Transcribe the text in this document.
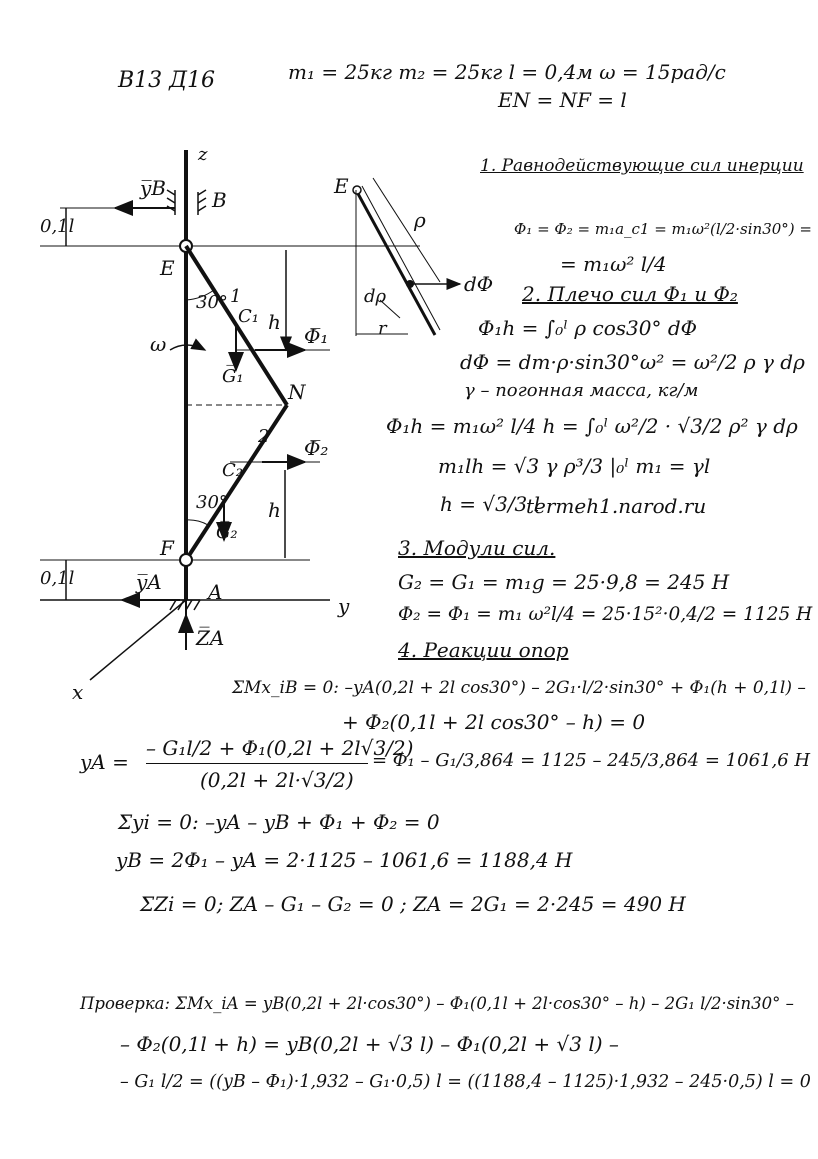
В13 Д16	m₁ = 25кг m₂ = 25кг l = 0,4м ω = 15рад/c
EN = NF = l
z
y̅B B
0,1l
E
30° 1
C₁ h
Φ̅₁
ω
G̅₁
N
2 Φ̅₂
C₂
30° h
G̅₂
F
0,1l	y̅A A
y
Z̅A
x
E
ρ
dΦ
dρ
r
1. Равнодействующие сил инерции
Φ₁ = Φ₂ = m₁a_c1 = m₁ω²(l/2·sin30°) =
= m₁ω² l/4
2. Плечо сил Φ₁ и Φ₂
Φ₁h = ∫₀ˡ ρ cos30° dΦ
dΦ = dm·ρ·sin30°ω² = ω²/2 ρ γ dρ
γ – погонная масса, кг/м
Φ₁h = m₁ω² l/4 h = ∫₀ˡ ω²/2 · √3/2 ρ² γ dρ
m₁lh = √3 γ ρ³/3 |₀ˡ m₁ = γl
h = √3/3 l
termeh1.narod.ru
3. Модули сил.
G₂ = G₁ = m₁g = 25·9,8 = 245 H
Φ₂ = Φ₁ = m₁ ω²l/4 = 25·15²·0,4/2 = 1125 H
4. Реакции опор
ΣMx_iB = 0: –yA(0,2l + 2l cos30°) – 2G₁·l/2·sin30° + Φ₁(h + 0,1l) –
+ Φ₂(0,1l + 2l cos30° – h) = 0
yA =
– G₁l/2 + Φ₁(0,2l + 2l√3/2)
(0,2l + 2l·√3/2)
= Φ₁ – G₁/3,864 = 1125 – 245/3,864 = 1061,6 H
Σyi = 0: –yA – yB + Φ₁ + Φ₂ = 0
yB = 2Φ₁ – yA = 2·1125 – 1061,6 = 1188,4 H
ΣZi = 0; ZA – G₁ – G₂ = 0 ; ZA = 2G₁ = 2·245 = 490 H
Проверка: ΣMx_iA = yB(0,2l + 2l·cos30°) – Φ₁(0,1l + 2l·cos30° – h) – 2G₁ l/2·sin30° –
– Φ₂(0,1l + h) = yB(0,2l + √3 l) – Φ₁(0,2l + √3 l) –
– G₁ l/2 = ((yB – Φ₁)·1,932 – G₁·0,5) l = ((1188,4 – 1125)·1,932 – 245·0,5) l = 0
